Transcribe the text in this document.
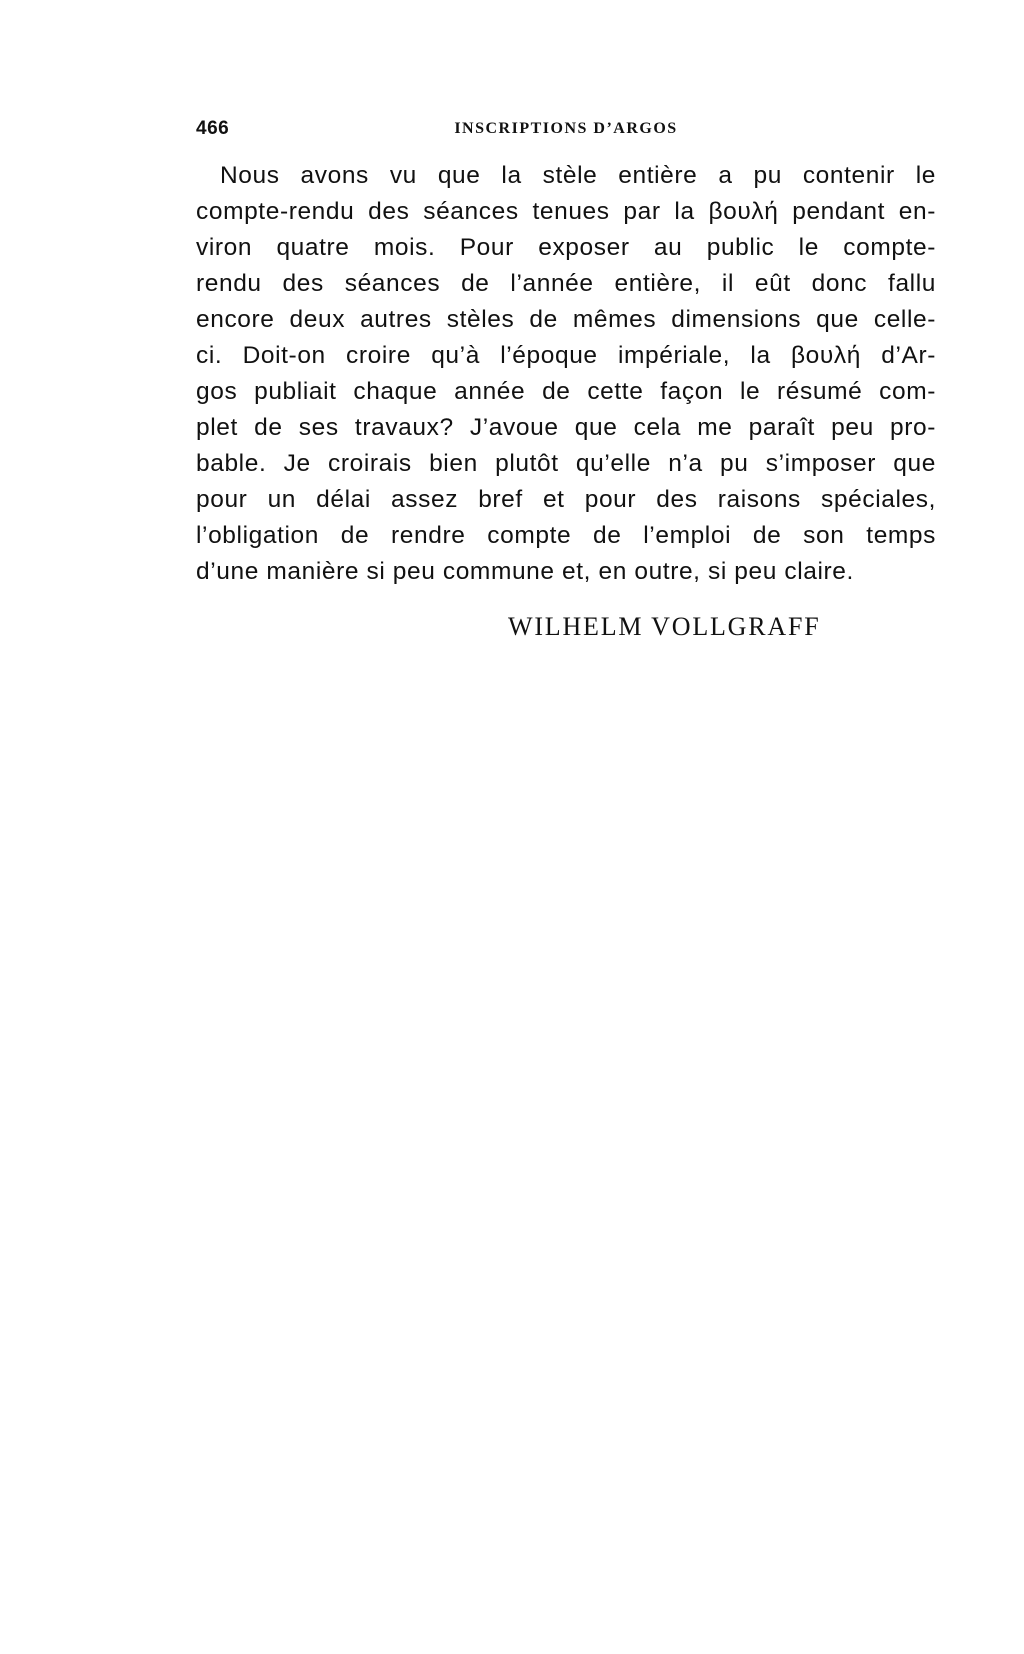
466	INSCRIPTIONS D’ARGOS
Nous avons vu que la stèle entière a pu contenir le
compte-rendu des séances tenues par la βουλή pendant en-
viron quatre mois. Pour exposer au public le compte-
rendu des séances de l’année entière, il eût donc fallu
encore deux autres stèles de mêmes dimensions que celle-
ci. Doit-on croire qu’à l’époque impériale, la βουλή d’Ar-
gos publiait chaque année de cette façon le résumé com-
plet de ses travaux? J’avoue que cela me paraît peu pro-
bable. Je croirais bien plutôt qu’elle n’a pu s’imposer que
pour un délai assez bref et pour des raisons spéciales,
l’obligation de rendre compte de l’emploi de son temps
d’une manière si peu commune et, en outre, si peu claire.
WILHELM VOLLGRAFF
